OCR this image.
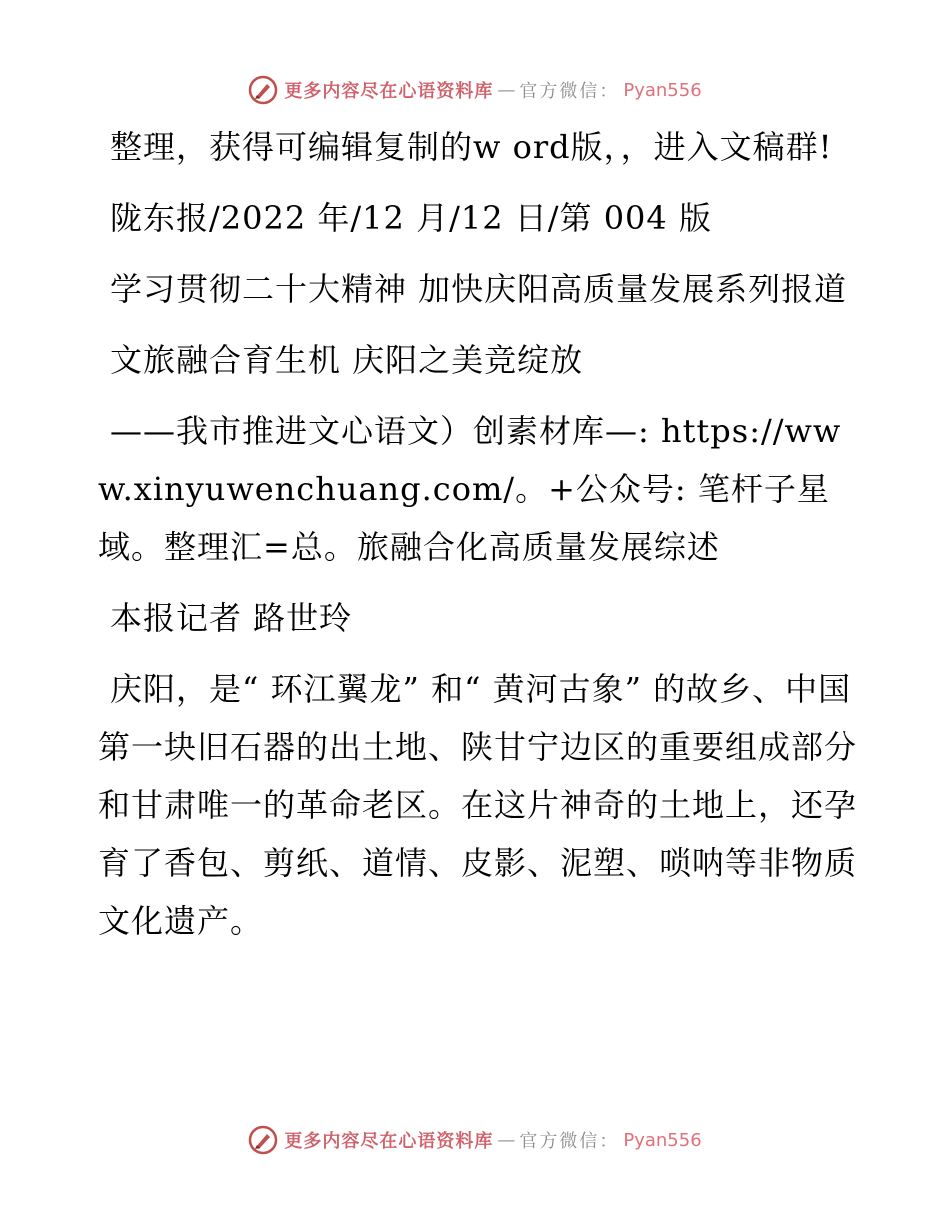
更多内容尽在心语资料库 — 官方微信： Pyan556

整理，获得可编辑复制的w ord版，，进入文稿群!

陇东报/2022 年/12 月/12 日/第 004 版

学习贯彻二十大精神 加快庆阳高质量发展系列报道

文旅融合育生机 庆阳之美竞绽放

——我市推进文心语文）创素材库—: https://www.xinyuwenchuang.com/。+公众号: 笔杆子星域。整理汇=总。旅融合化高质量发展综述

本报记者 路世玲

庆阳，是“ 环江翼龙” 和“ 黄河古象” 的故乡、中国第一块旧石器的出土地、陕甘宁边区的重要组成部分和甘肃唯一的革命老区。在这片神奇的土地上，还孕育了香包、剪纸、道情、皮影、泥塑、唢呐等非物质文化遗产。

更多内容尽在心语资料库 — 官方微信： Pyan556
